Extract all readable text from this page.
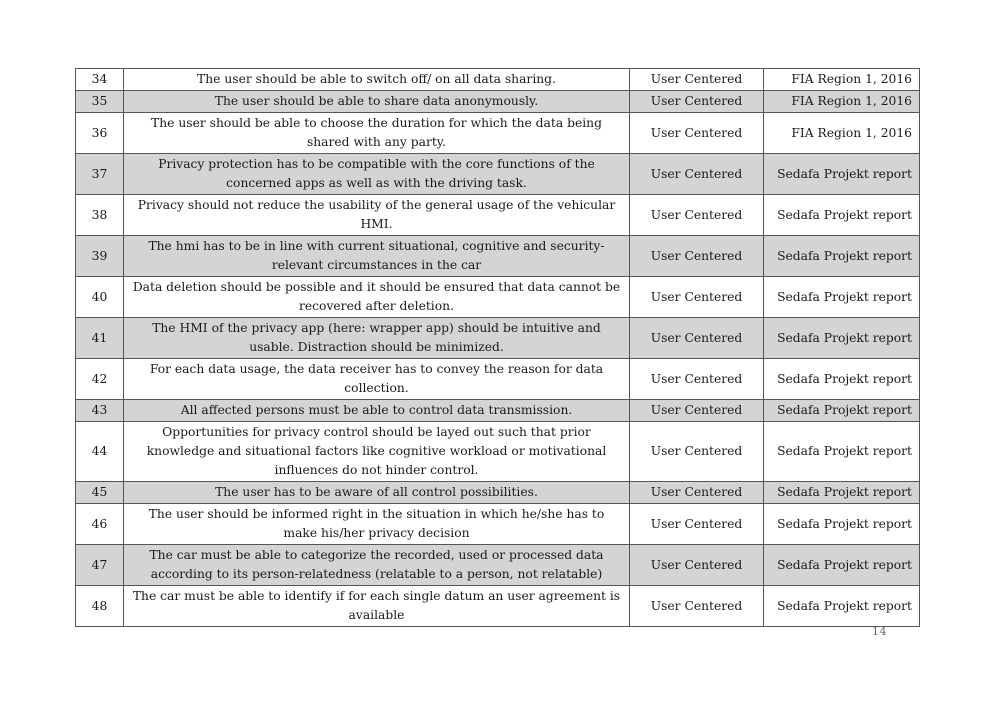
34	The user should be able to switch off/ on all data sharing.	User Centered	FIA Region 1, 2016
35	The user should be able to share data anonymously.	User Centered	FIA Region 1, 2016
36	The user should be able to choose the duration for which the data being shared with any party.	User Centered	FIA Region 1, 2016
37	Privacy protection has to be compatible with the core functions of the concerned apps as well as with the driving task.	User Centered	Sedafa Projekt report
38	Privacy should not reduce the usability of the general usage of the vehicular HMI.	User Centered	Sedafa Projekt report
39	The hmi has to be in line with current situational, cognitive and security-relevant circumstances in the car	User Centered	Sedafa Projekt report
40	Data deletion should be possible and it should be ensured that data cannot be recovered after deletion.	User Centered	Sedafa Projekt report
41	The HMI of the privacy app (here: wrapper app) should be intuitive and usable. Distraction should be minimized.	User Centered	Sedafa Projekt report
42	For each data usage, the data receiver has to convey the reason for data collection.	User Centered	Sedafa Projekt report
43	All affected persons must be able to control data transmission.	User Centered	Sedafa Projekt report
44	Opportunities for privacy control should be layed out such that prior knowledge and situational factors like cognitive workload or motivational influences do not hinder control.	User Centered	Sedafa Projekt report
45	The user has to be aware of all control possibilities.	User Centered	Sedafa Projekt report
46	The user should be informed right in the situation in which he/she has to make his/her privacy decision	User Centered	Sedafa Projekt report
47	The car must be able to categorize the recorded, used or processed data according to its person-relatedness (relatable to a person, not relatable)	User Centered	Sedafa Projekt report
48	The car must be able to identify if for each single datum an user agreement is available	User Centered	Sedafa Projekt report
14
